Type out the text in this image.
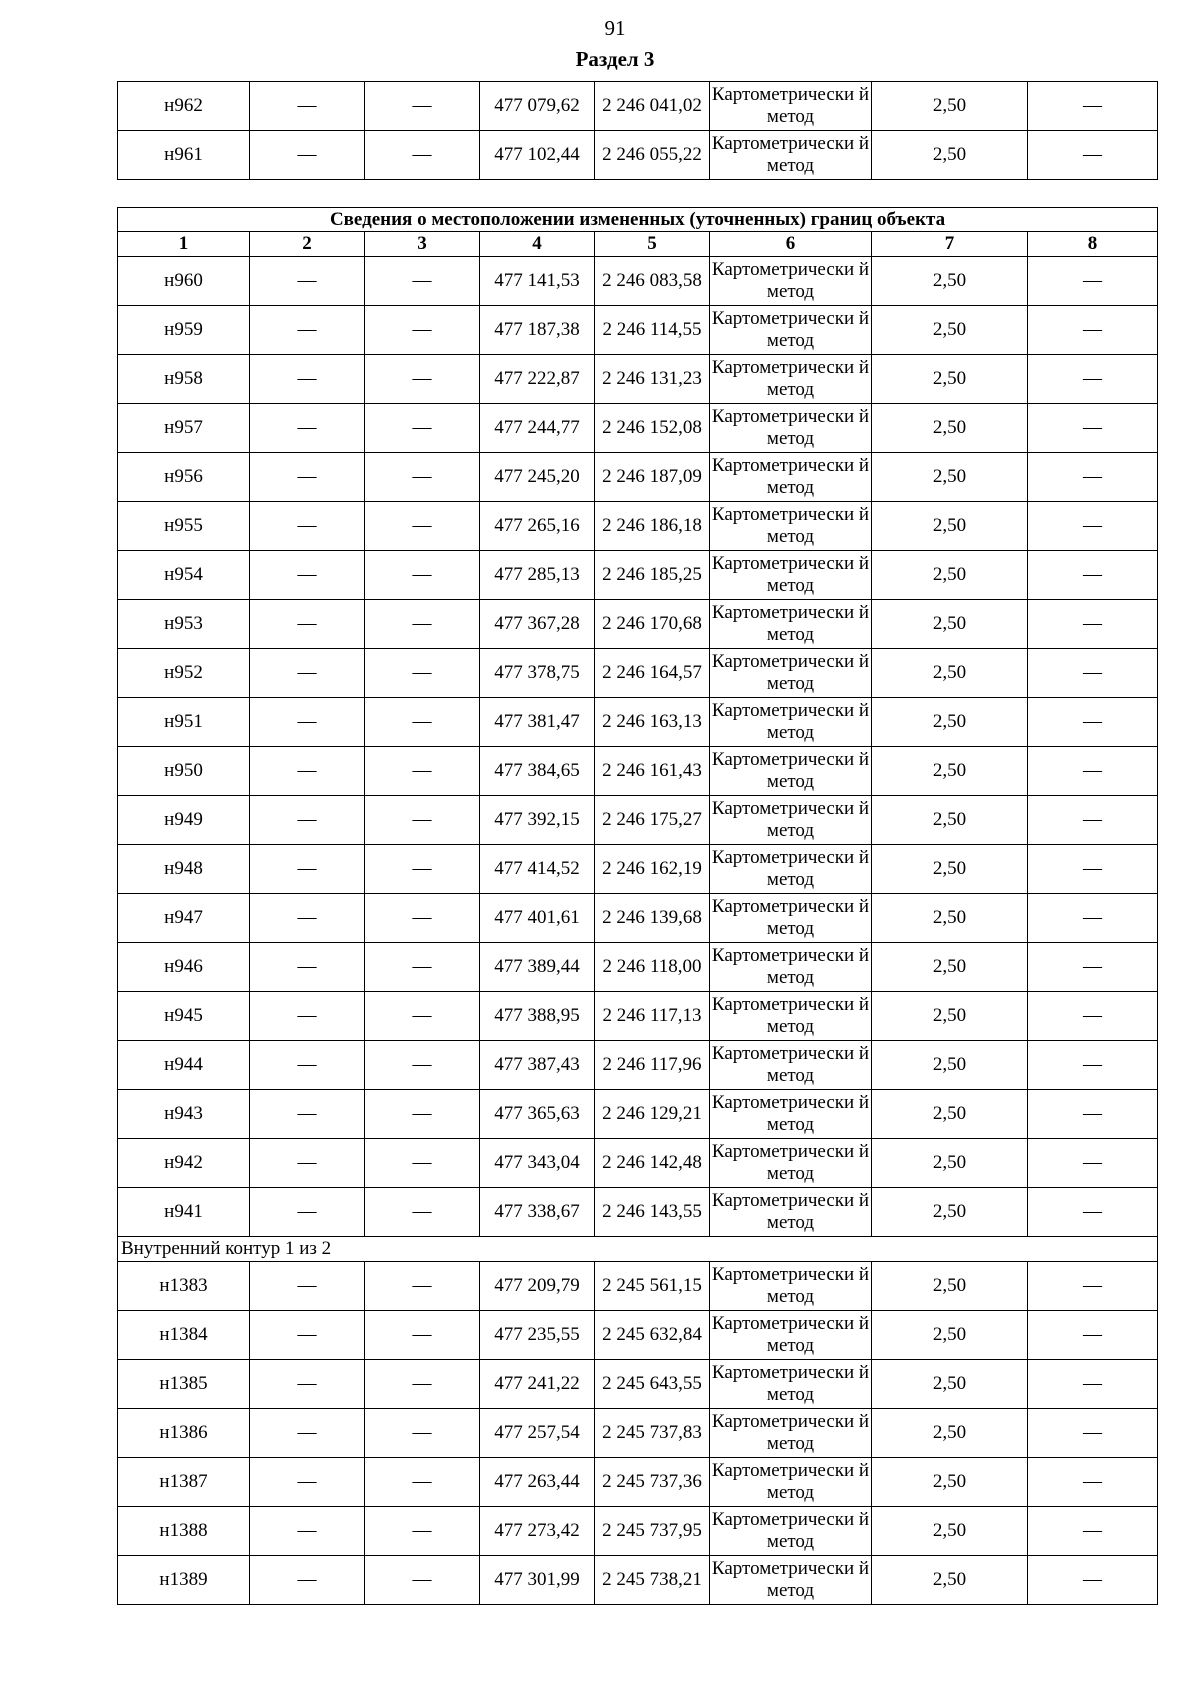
91
Раздел 3
н962	—	—	477 079,62	2 246 041,02	Картометрически й метод	2,50	—
н961	—	—	477 102,44	2 246 055,22	Картометрически й метод	2,50	—
Сведения о местоположении измененных (уточненных) границ объекта							
1	2	3	4	5	6	7	8
н960	—	—	477 141,53	2 246 083,58	Картометрически й метод	2,50	—
н959	—	—	477 187,38	2 246 114,55	Картометрически й метод	2,50	—
н958	—	—	477 222,87	2 246 131,23	Картометрически й метод	2,50	—
н957	—	—	477 244,77	2 246 152,08	Картометрически й метод	2,50	—
н956	—	—	477 245,20	2 246 187,09	Картометрически й метод	2,50	—
н955	—	—	477 265,16	2 246 186,18	Картометрически й метод	2,50	—
н954	—	—	477 285,13	2 246 185,25	Картометрически й метод	2,50	—
н953	—	—	477 367,28	2 246 170,68	Картометрически й метод	2,50	—
н952	—	—	477 378,75	2 246 164,57	Картометрически й метод	2,50	—
н951	—	—	477 381,47	2 246 163,13	Картометрически й метод	2,50	—
н950	—	—	477 384,65	2 246 161,43	Картометрически й метод	2,50	—
н949	—	—	477 392,15	2 246 175,27	Картометрически й метод	2,50	—
н948	—	—	477 414,52	2 246 162,19	Картометрически й метод	2,50	—
н947	—	—	477 401,61	2 246 139,68	Картометрически й метод	2,50	—
н946	—	—	477 389,44	2 246 118,00	Картометрически й метод	2,50	—
н945	—	—	477 388,95	2 246 117,13	Картометрически й метод	2,50	—
н944	—	—	477 387,43	2 246 117,96	Картометрически й метод	2,50	—
н943	—	—	477 365,63	2 246 129,21	Картометрически й метод	2,50	—
н942	—	—	477 343,04	2 246 142,48	Картометрически й метод	2,50	—
н941	—	—	477 338,67	2 246 143,55	Картометрически й метод	2,50	—
Внутренний контур 1 из 2							
н1383	—	—	477 209,79	2 245 561,15	Картометрически й метод	2,50	—
н1384	—	—	477 235,55	2 245 632,84	Картометрически й метод	2,50	—
н1385	—	—	477 241,22	2 245 643,55	Картометрически й метод	2,50	—
н1386	—	—	477 257,54	2 245 737,83	Картометрически й метод	2,50	—
н1387	—	—	477 263,44	2 245 737,36	Картометрически й метод	2,50	—
н1388	—	—	477 273,42	2 245 737,95	Картометрически й метод	2,50	—
н1389	—	—	477 301,99	2 245 738,21	Картометрически й метод	2,50	—
